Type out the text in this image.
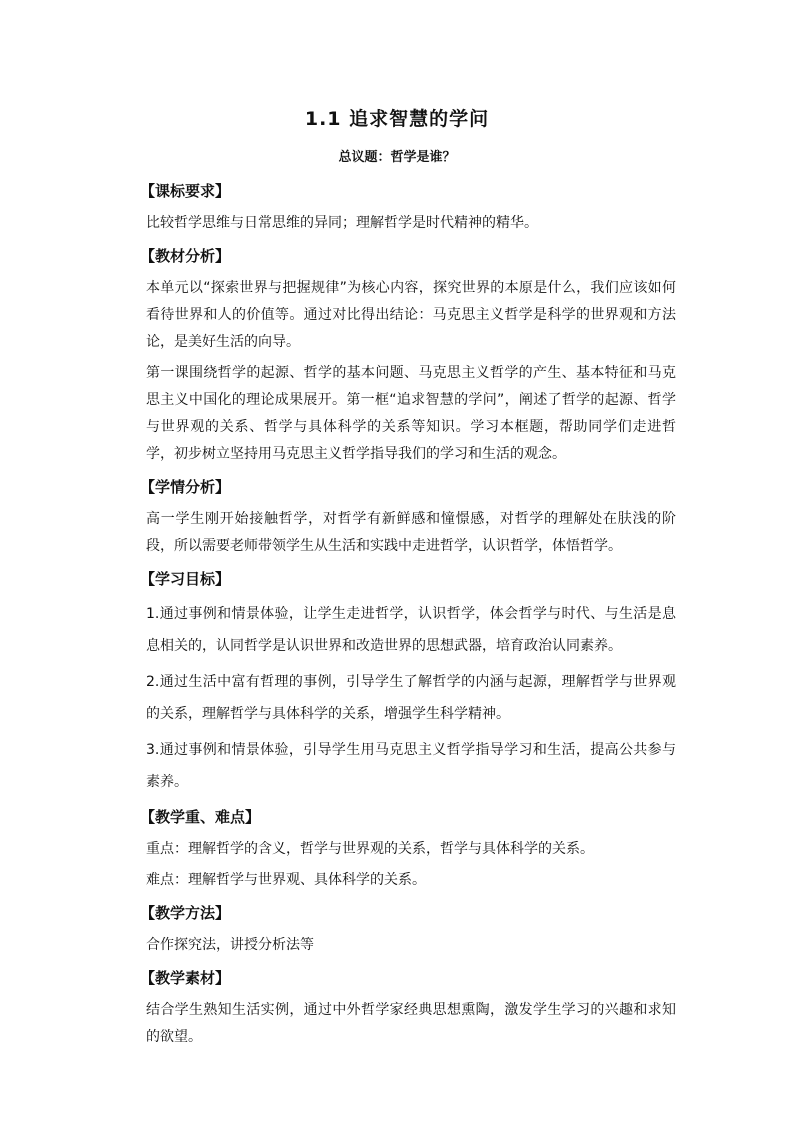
1.1 追求智慧的学问
总议题：哲学是谁？
【课标要求】

比较哲学思维与日常思维的异同；理解哲学是时代精神的精华。

【教材分析】

本单元以“探索世界与把握规律”为核心内容，探究世界的本原是什么，我们应该如何看待世界和人的价值等。通过对比得出结论：马克思主义哲学是科学的世界观和方法论，是美好生活的向导。

第一课围绕哲学的起源、哲学的基本问题、马克思主义哲学的产生、基本特征和马克思主义中国化的理论成果展开。第一框“追求智慧的学问”，阐述了哲学的起源、哲学与世界观的关系、哲学与具体科学的关系等知识。学习本框题，帮助同学们走进哲学，初步树立坚持用马克思主义哲学指导我们的学习和生活的观念。

【学情分析】

高一学生刚开始接触哲学，对哲学有新鲜感和憧憬感，对哲学的理解处在肤浅的阶段，所以需要老师带领学生从生活和实践中走进哲学，认识哲学，体悟哲学。

【学习目标】

1.通过事例和情景体验，让学生走进哲学，认识哲学，体会哲学与时代、与生活是息息相关的，认同哲学是认识世界和改造世界的思想武器，培育政治认同素养。

2.通过生活中富有哲理的事例，引导学生了解哲学的内涵与起源，理解哲学与世界观的关系，理解哲学与具体科学的关系，增强学生科学精神。

3.通过事例和情景体验，引导学生用马克思主义哲学指导学习和生活，提高公共参与素养。

【教学重、难点】

重点：理解哲学的含义，哲学与世界观的关系，哲学与具体科学的关系。

难点：理解哲学与世界观、具体科学的关系。

【教学方法】

合作探究法，讲授分析法等

【教学素材】

结合学生熟知生活实例，通过中外哲学家经典思想熏陶，激发学生学习的兴趣和求知的欲望。
